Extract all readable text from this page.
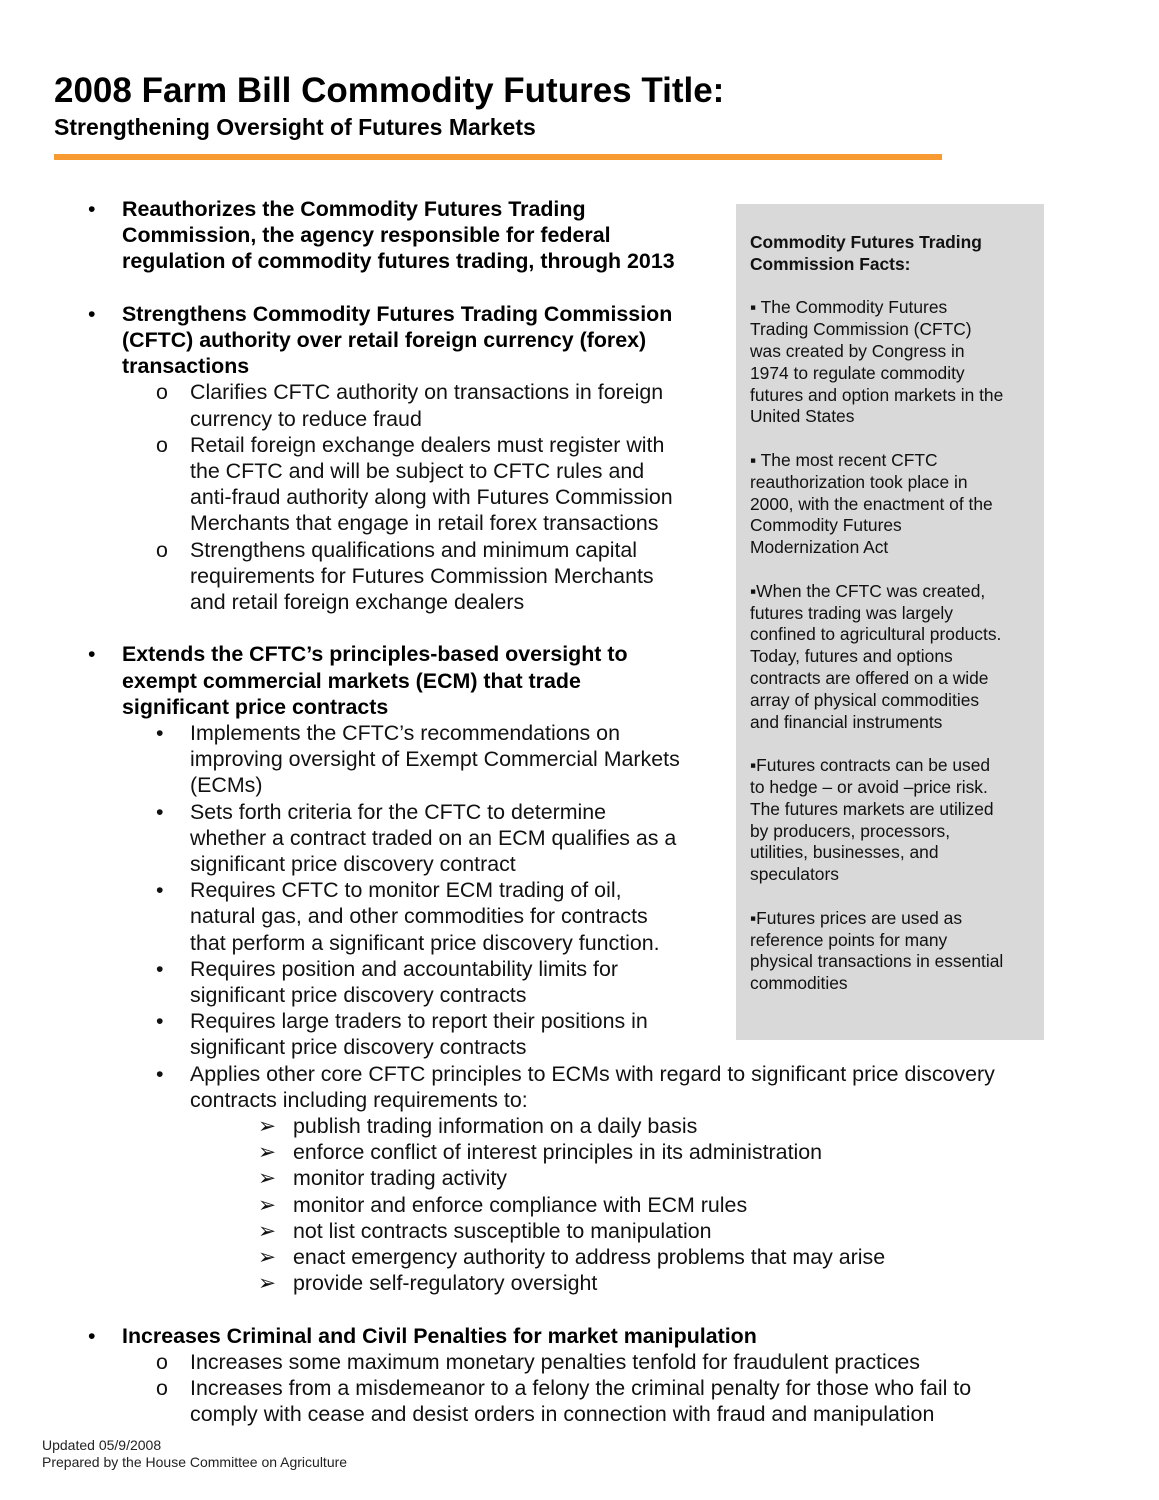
2008 Farm Bill Commodity Futures Title:
Strengthening Oversight of Futures Markets
Commodity Futures Trading
Commission Facts:
▪ The Commodity Futures
Trading Commission (CFTC)
was created by Congress in
1974 to regulate commodity
futures and option markets in the
United States
▪ The most recent CFTC
reauthorization took place in
2000, with the enactment of the
Commodity Futures
Modernization Act
▪When the CFTC was created,
futures trading was largely
confined to agricultural products.
Today, futures and options
contracts are offered on a wide
array of physical commodities
and financial instruments
▪Futures contracts can be used
to hedge – or avoid –price risk.
The futures markets are utilized
by producers, processors,
utilities, businesses, and
speculators
▪Futures prices are used as
reference points for many
physical transactions in essential
commodities
• Reauthorizes the Commodity Futures Trading
Commission, the agency responsible for federal
regulation of commodity futures trading, through 2013
• Strengthens Commodity Futures Trading Commission
(CFTC) authority over retail foreign currency (forex)
transactions
o Clarifies CFTC authority on transactions in foreign
currency to reduce fraud
o Retail foreign exchange dealers must register with
the CFTC and will be subject to CFTC rules and
anti-fraud authority along with Futures Commission
Merchants that engage in retail forex transactions
o Strengthens qualifications and minimum capital
requirements for Futures Commission Merchants
and retail foreign exchange dealers
• Extends the CFTC’s principles-based oversight to
exempt commercial markets (ECM) that trade
significant price contracts
• Implements the CFTC’s recommendations on
improving oversight of Exempt Commercial Markets
(ECMs)
• Sets forth criteria for the CFTC to determine
whether a contract traded on an ECM qualifies as a
significant price discovery contract
• Requires CFTC to monitor ECM trading of oil,
natural gas, and other commodities for contracts
that perform a significant price discovery function.
• Requires position and accountability limits for
significant price discovery contracts
• Requires large traders to report their positions in
significant price discovery contracts
• Applies other core CFTC principles to ECMs with regard to significant price discovery
contracts including requirements to:
➢ publish trading information on a daily basis
➢ enforce conflict of interest principles in its administration
➢ monitor trading activity
➢ monitor and enforce compliance with ECM rules
➢ not list contracts susceptible to manipulation
➢ enact emergency authority to address problems that may arise
➢ provide self-regulatory oversight
• Increases Criminal and Civil Penalties for market manipulation
o Increases some maximum monetary penalties tenfold for fraudulent practices
o Increases from a misdemeanor to a felony the criminal penalty for those who fail to
comply with cease and desist orders in connection with fraud and manipulation
Updated 05/9/2008
Prepared by the House Committee on Agriculture
